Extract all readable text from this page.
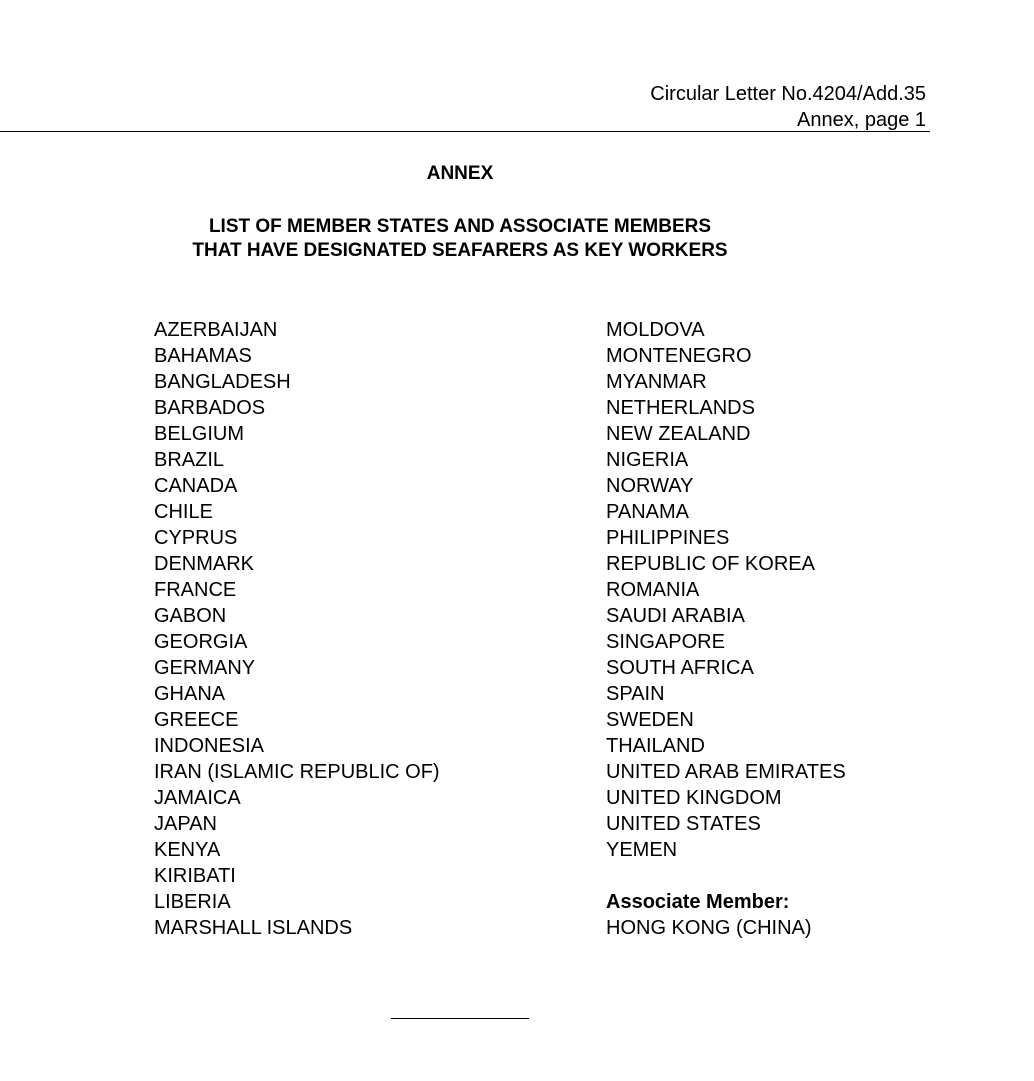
Circular Letter No.4204/Add.35
Annex, page 1
ANNEX
LIST OF MEMBER STATES AND ASSOCIATE MEMBERS
THAT HAVE DESIGNATED SEAFARERS AS KEY WORKERS
AZERBAIJAN
BAHAMAS
BANGLADESH
BARBADOS
BELGIUM
BRAZIL
CANADA
CHILE
CYPRUS
DENMARK
FRANCE
GABON
GEORGIA
GERMANY
GHANA
GREECE
INDONESIA
IRAN (ISLAMIC REPUBLIC OF)
JAMAICA
JAPAN
KENYA
KIRIBATI
LIBERIA
MARSHALL ISLANDS
MOLDOVA
MONTENEGRO
MYANMAR
NETHERLANDS
NEW ZEALAND
NIGERIA
NORWAY
PANAMA
PHILIPPINES
REPUBLIC OF KOREA
ROMANIA
SAUDI ARABIA
SINGAPORE
SOUTH AFRICA
SPAIN
SWEDEN
THAILAND
UNITED ARAB EMIRATES
UNITED KINGDOM
UNITED STATES
YEMEN
Associate Member:
HONG KONG (CHINA)
